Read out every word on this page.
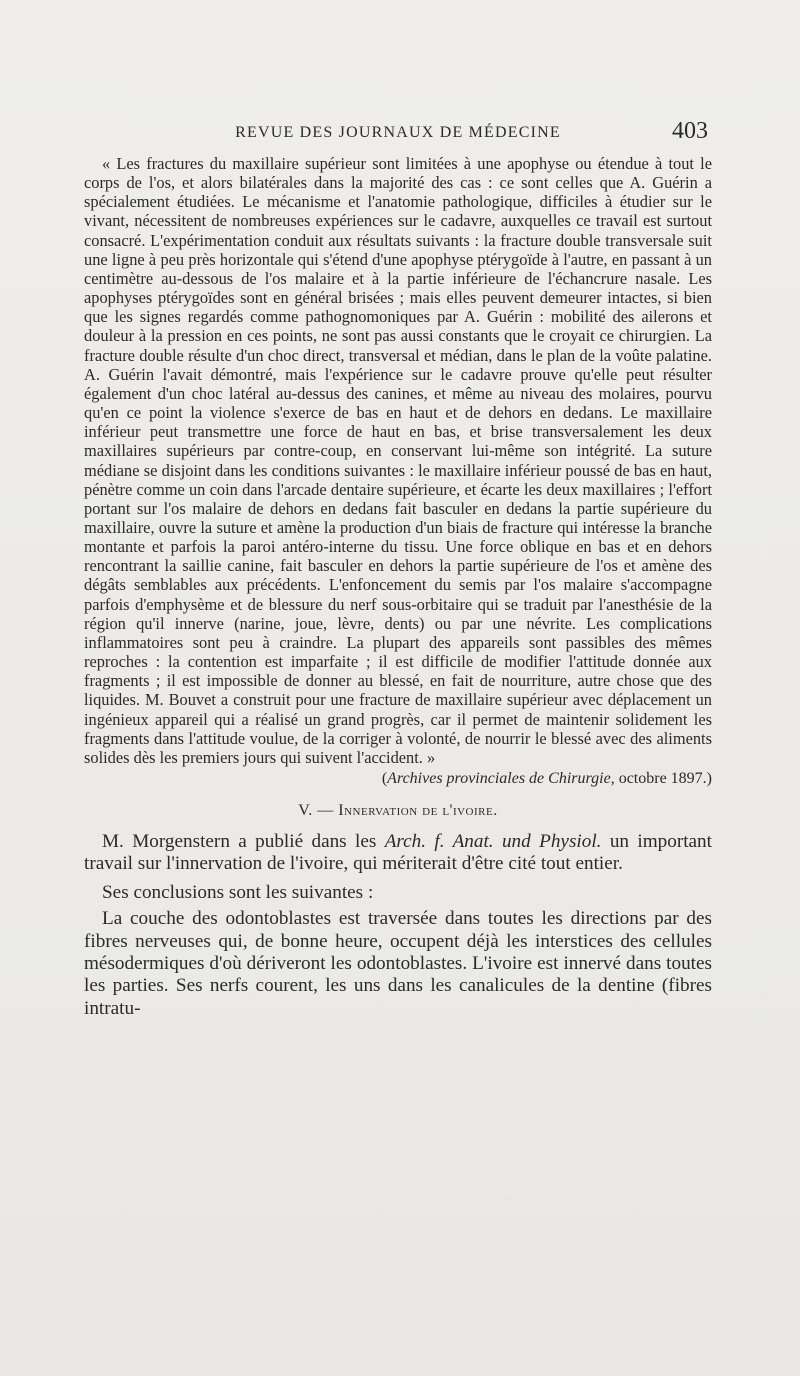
REVUE DES JOURNAUX DE MÉDECINE	403

« Les fractures du maxillaire supérieur sont limitées à une apophyse ou étendue à tout le corps de l'os, et alors bilatérales dans la majorité des cas : ce sont celles que A. Guérin a spécialement étudiées. Le mécanisme et l'anatomie pathologique, difficiles à étudier sur le vivant, nécessitent de nombreuses expériences sur le cadavre, auxquelles ce travail est surtout consacré. L'expérimentation conduit aux résultats suivants : la fracture double transversale suit une ligne à peu près horizontale qui s'étend d'une apophyse ptérygoïde à l'autre, en passant à un centimètre au-dessous de l'os malaire et à la partie inférieure de l'échancrure nasale. Les apophyses ptérygoïdes sont en général brisées ; mais elles peuvent demeurer intactes, si bien que les signes regardés comme pathognomoniques par A. Guérin : mobilité des ailerons et douleur à la pression en ces points, ne sont pas aussi constants que le croyait ce chirurgien. La fracture double résulte d'un choc direct, transversal et médian, dans le plan de la voûte palatine. A. Guérin l'avait démontré, mais l'expérience sur le cadavre prouve qu'elle peut résulter également d'un choc latéral au-dessus des canines, et même au niveau des molaires, pourvu qu'en ce point la violence s'exerce de bas en haut et de dehors en dedans. Le maxillaire inférieur peut transmettre une force de haut en bas, et brise transversalement les deux maxillaires supérieurs par contre-coup, en conservant lui-même son intégrité. La suture médiane se disjoint dans les conditions suivantes : le maxillaire inférieur poussé de bas en haut, pénètre comme un coin dans l'arcade dentaire supérieure, et écarte les deux maxillaires ; l'effort portant sur l'os malaire de dehors en dedans fait basculer en dedans la partie supérieure du maxillaire, ouvre la suture et amène la production d'un biais de fracture qui intéresse la branche montante et parfois la paroi antéro-interne du tissu. Une force oblique en bas et en dehors rencontrant la saillie canine, fait basculer en dehors la partie supérieure de l'os et amène des dégâts semblables aux précédents. L'enfoncement du semis par l'os malaire s'accompagne parfois d'emphysème et de blessure du nerf sous-orbitaire qui se traduit par l'anesthésie de la région qu'il innerve (narine, joue, lèvre, dents) ou par une névrite. Les complications inflammatoires sont peu à craindre. La plupart des appareils sont passibles des mêmes reproches : la contention est imparfaite ; il est difficile de modifier l'attitude donnée aux fragments ; il est impossible de donner au blessé, en fait de nourriture, autre chose que des liquides. M. Bouvet a construit pour une fracture de maxillaire supérieur avec déplacement un ingénieux appareil qui a réalisé un grand progrès, car il permet de maintenir solidement les fragments dans l'attitude voulue, de la corriger à volonté, de nourrir le blessé avec des aliments solides dès les premiers jours qui suivent l'accident. »

(Archives provinciales de Chirurgie, octobre 1897.)

V. — Innervation de l'ivoire.

M. Morgenstern a publié dans les Arch. f. Anat. und Physiol. un important travail sur l'innervation de l'ivoire, qui mériterait d'être cité tout entier.

Ses conclusions sont les suivantes :

La couche des odontoblastes est traversée dans toutes les directions par des fibres nerveuses qui, de bonne heure, occupent déjà les interstices des cellules mésodermiques d'où dériveront les odontoblastes. L'ivoire est innervé dans toutes les parties. Ses nerfs courent, les uns dans les canalicules de la dentine (fibres intratu-
